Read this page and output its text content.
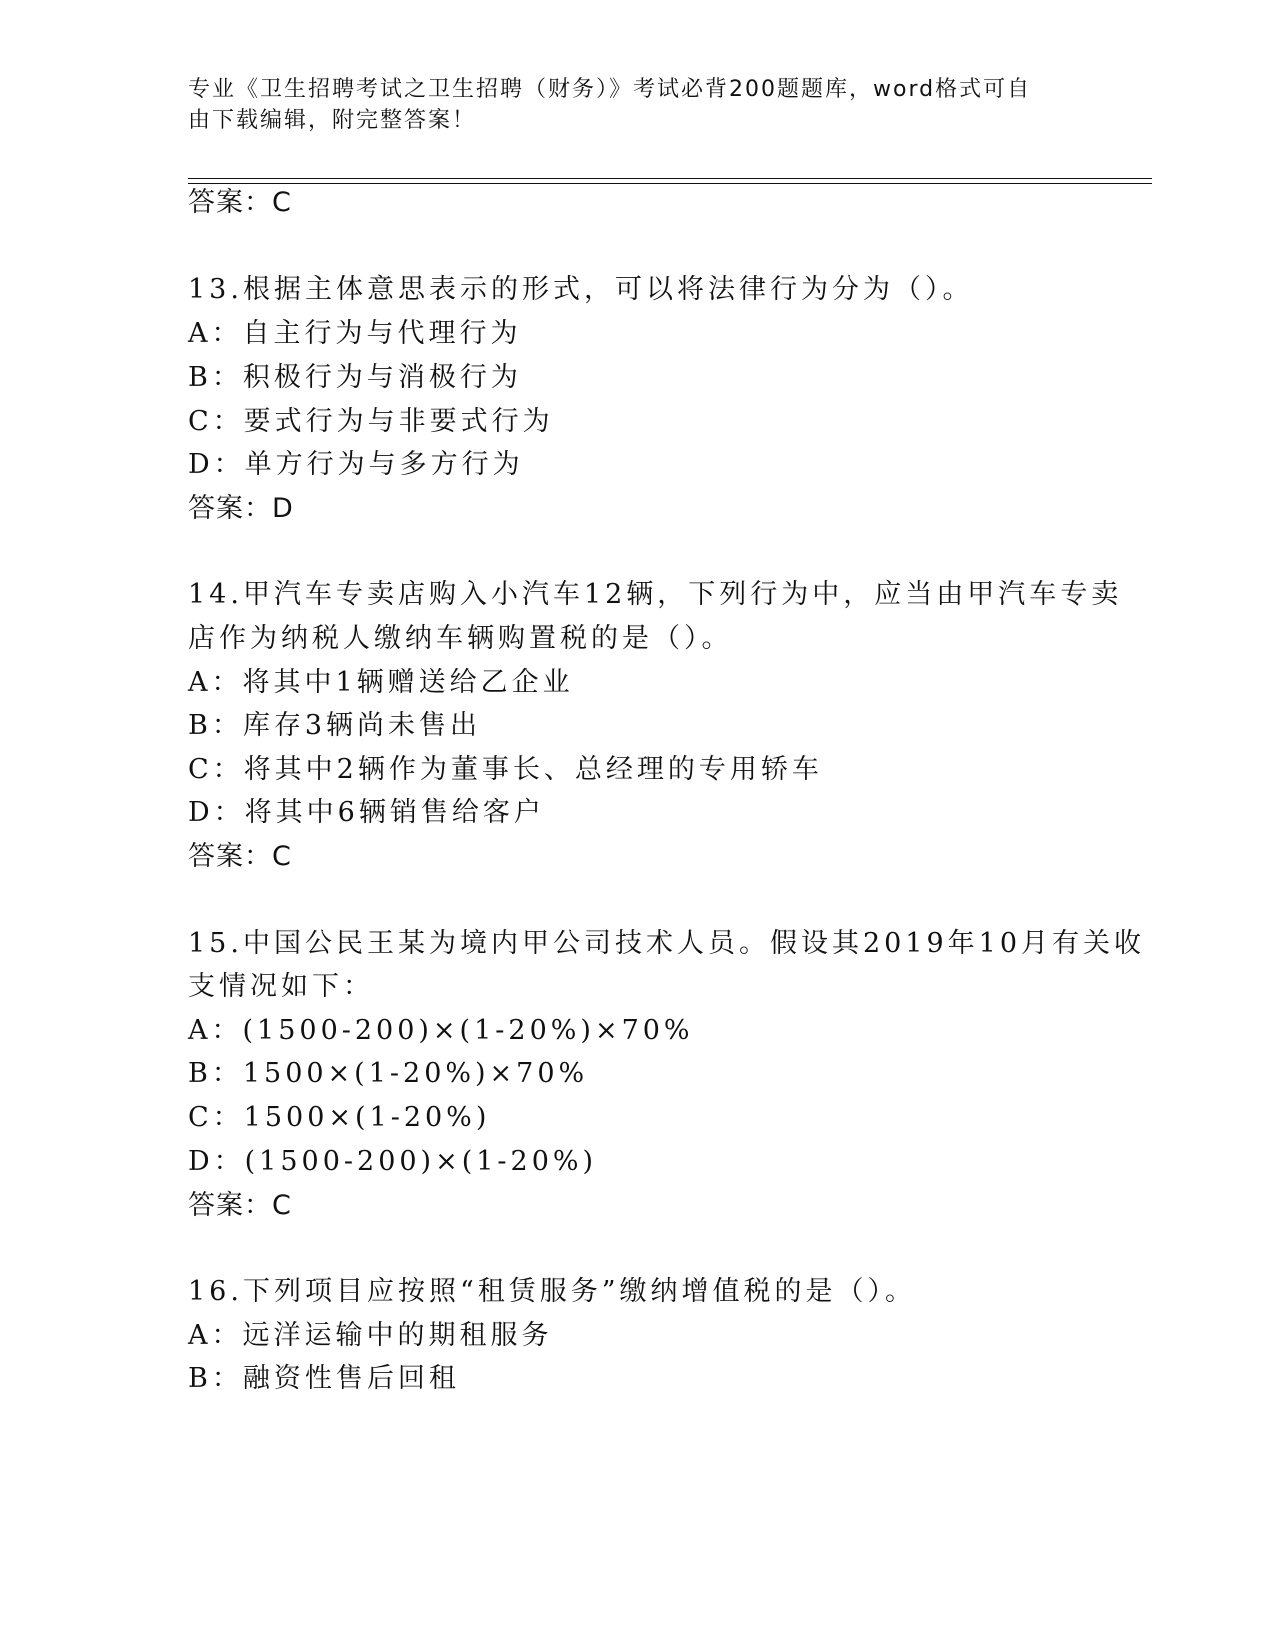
专业《卫生招聘考试之卫生招聘（财务）》考试必背200题题库，word格式可自
由下载编辑，附完整答案！
答案：C
13.根据主体意思表示的形式，可以将法律行为分为（）。
A：自主行为与代理行为
B：积极行为与消极行为
C：要式行为与非要式行为
D：单方行为与多方行为
答案：D
14.甲汽车专卖店购入小汽车12辆，下列行为中，应当由甲汽车专卖
店作为纳税人缴纳车辆购置税的是（）。
A：将其中1辆赠送给乙企业
B：库存3辆尚未售出
C：将其中2辆作为董事长、总经理的专用轿车
D：将其中6辆销售给客户
答案：C
15.中国公民王某为境内甲公司技术人员。假设其2019年10月有关收
支情况如下：
A：(1500-200)×(1-20%)×70%
B：1500×(1-20%)×70%
C：1500×(1-20%)
D：(1500-200)×(1-20%)
答案：C
16.下列项目应按照“租赁服务”缴纳增值税的是（）。
A：远洋运输中的期租服务
B：融资性售后回租
